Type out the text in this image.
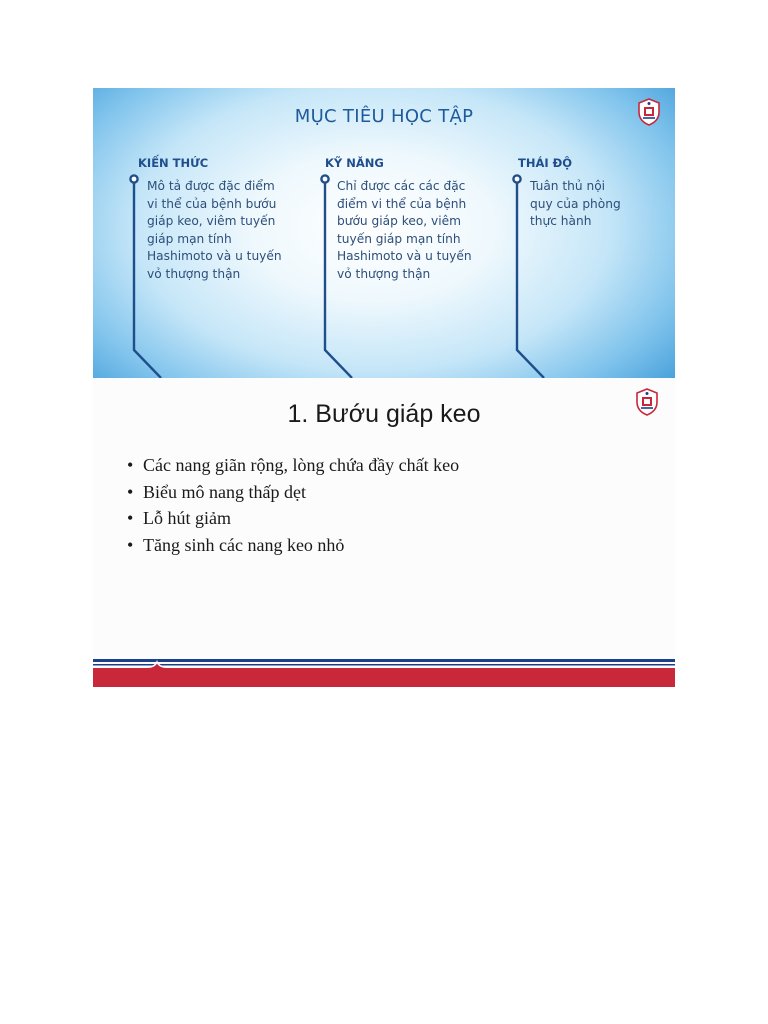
MỤC TIÊU HỌC TẬP
KIẾN THỨC
Mô tả được đặc điểm
vi thể của bệnh bướu
giáp keo, viêm tuyến
giáp mạn tính
Hashimoto và u tuyến
vỏ thượng thận
KỸ NĂNG
Chỉ được các các đặc
điểm vi thể của bệnh
bướu giáp keo, viêm
tuyến giáp mạn tính
Hashimoto và u tuyến
vỏ thượng thận
THÁI ĐỘ
Tuân thủ nội
quy của phòng
thực hành
1. Bướu giáp keo
• Các nang giãn rộng, lòng chứa đầy chất keo
• Biểu mô nang thấp dẹt
• Lỗ hút giảm
• Tăng sinh các nang keo nhỏ
